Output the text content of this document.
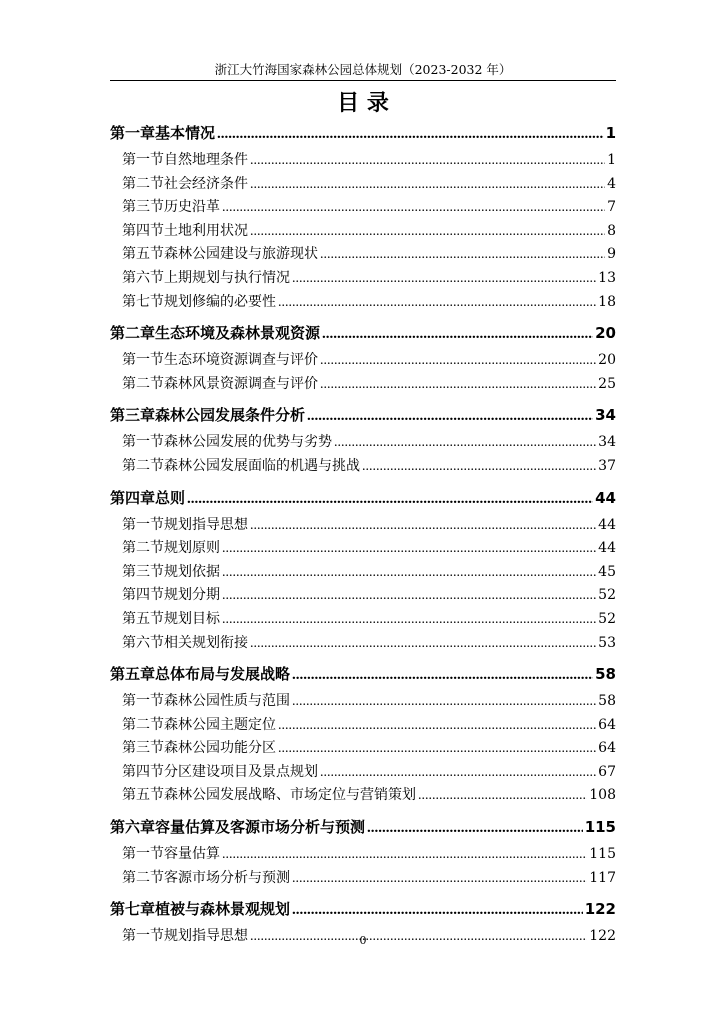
浙江大竹海国家森林公园总体规划（2023-2032 年）
目 录
第一章 基本情况 .....	1
第一节 自然地理条件 .....	1
第二节 社会经济条件 .....	4
第三节 历史沿革 .....	7
第四节 土地利用状况 .....	8
第五节 森林公园建设与旅游现状 .....	9
第六节 上期规划与执行情况 .....	13
第七节 规划修编的必要性 .....	18
第二章 生态环境及森林景观资源 .....	20
第一节 生态环境资源调查与评价 .....	20
第二节 森林风景资源调查与评价 .....	25
第三章 森林公园发展条件分析 .....	34
第一节 森林公园发展的优势与劣势 .....	34
第二节 森林公园发展面临的机遇与挑战 .....	37
第四章 总则 .....	44
第一节 规划指导思想 .....	44
第二节 规划原则 .....	44
第三节 规划依据 .....	45
第四节 规划分期 .....	52
第五节 规划目标 .....	52
第六节 相关规划衔接 .....	53
第五章 总体布局与发展战略 .....	58
第一节 森林公园性质与范围 .....	58
第二节 森林公园主题定位 .....	64
第三节 森林公园功能分区 .....	64
第四节 分区建设项目及景点规划 .....	67
第五节 森林公园发展战略、市场定位与营销策划 .....	108
第六章 容量估算及客源市场分析与预测 .....	115
第一节 容量估算 .....	115
第二节 客源市场分析与预测 .....	117
第七章 植被与森林景观规划 .....	122
第一节 规划指导思想 .....	122
0
